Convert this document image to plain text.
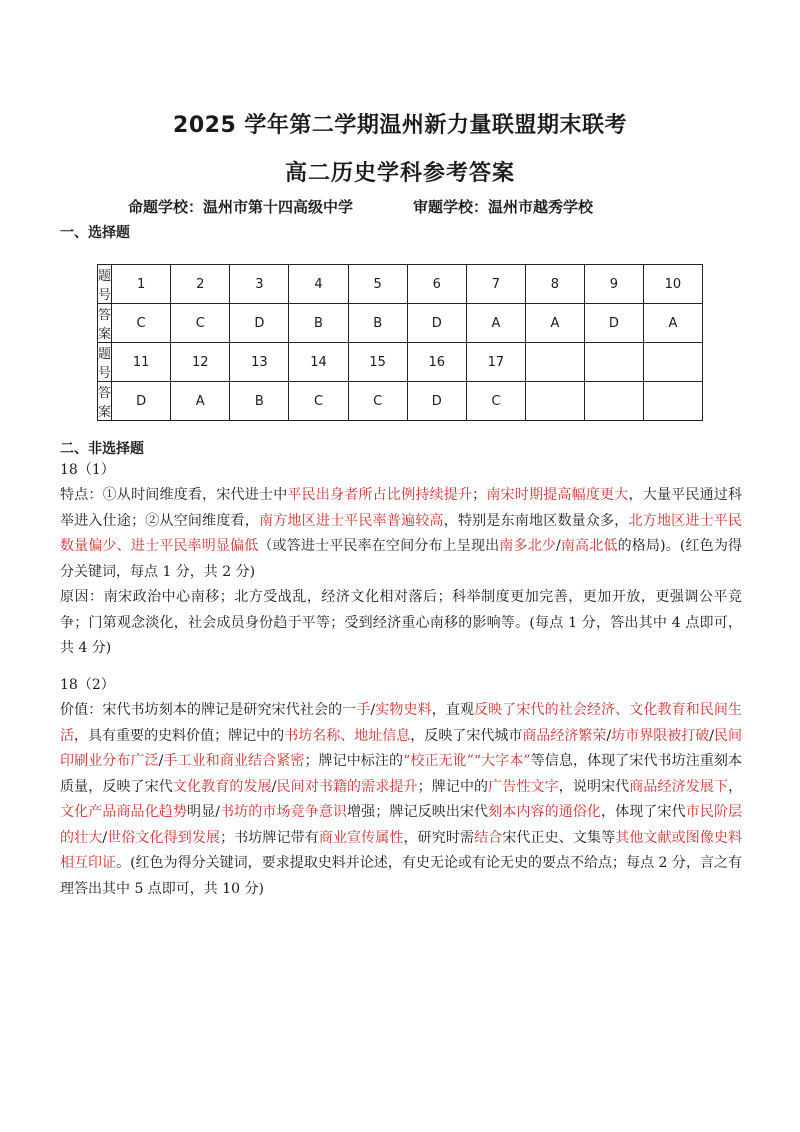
2025 学年第二学期温州新力量联盟期末联考
高二历史学科参考答案
命题学校：温州市第十四高级中学	审题学校：温州市越秀学校
一、选择题
题号	1	2	3	4	5	6	7	8	9	10
答案	C	C	D	B	B	D	A	A	D	A
题号	11	12	13	14	15	16	17			
答案	D	A	B	C	C	D	C			
二、非选择题
18（1）
特点：①从时间维度看，宋代进士中平民出身者所占比例持续提升；南宋时期提高幅度更大，大量平民通过科举进入仕途；②从空间维度看，南方地区进士平民率普遍较高，特别是东南地区数量众多，北方地区进士平民数量偏少、进士平民率明显偏低（或答进士平民率在空间分布上呈现出南多北少/南高北低的格局)。(红色为得分关键词，每点 1 分，共 2 分)
原因：南宋政治中心南移；北方受战乱，经济文化相对落后；科举制度更加完善，更加开放，更强调公平竞争；门第观念淡化，社会成员身份趋于平等；受到经济重心南移的影响等。(每点 1 分，答出其中 4 点即可，共 4 分)
18（2）
价值：宋代书坊刻本的牌记是研究宋代社会的一手/实物史料，直观反映了宋代的社会经济、文化教育和民间生活，具有重要的史料价值；牌记中的书坊名称、地址信息，反映了宋代城市商品经济繁荣/坊市界限被打破/民间印刷业分布广泛/手工业和商业结合紧密；牌记中标注的“校正无讹”“大字本”等信息，体现了宋代书坊注重刻本质量，反映了宋代文化教育的发展/民间对书籍的需求提升；牌记中的广告性文字，说明宋代商品经济发展下，文化产品商品化趋势明显/书坊的市场竞争意识增强；牌记反映出宋代刻本内容的通俗化，体现了宋代市民阶层的壮大/世俗文化得到发展；书坊牌记带有商业宣传属性，研究时需结合宋代正史、文集等其他文献或图像史料相互印证。(红色为得分关键词，要求提取史料并论述，有史无论或有论无史的要点不给点；每点 2 分，言之有理答出其中 5 点即可，共 10 分)
